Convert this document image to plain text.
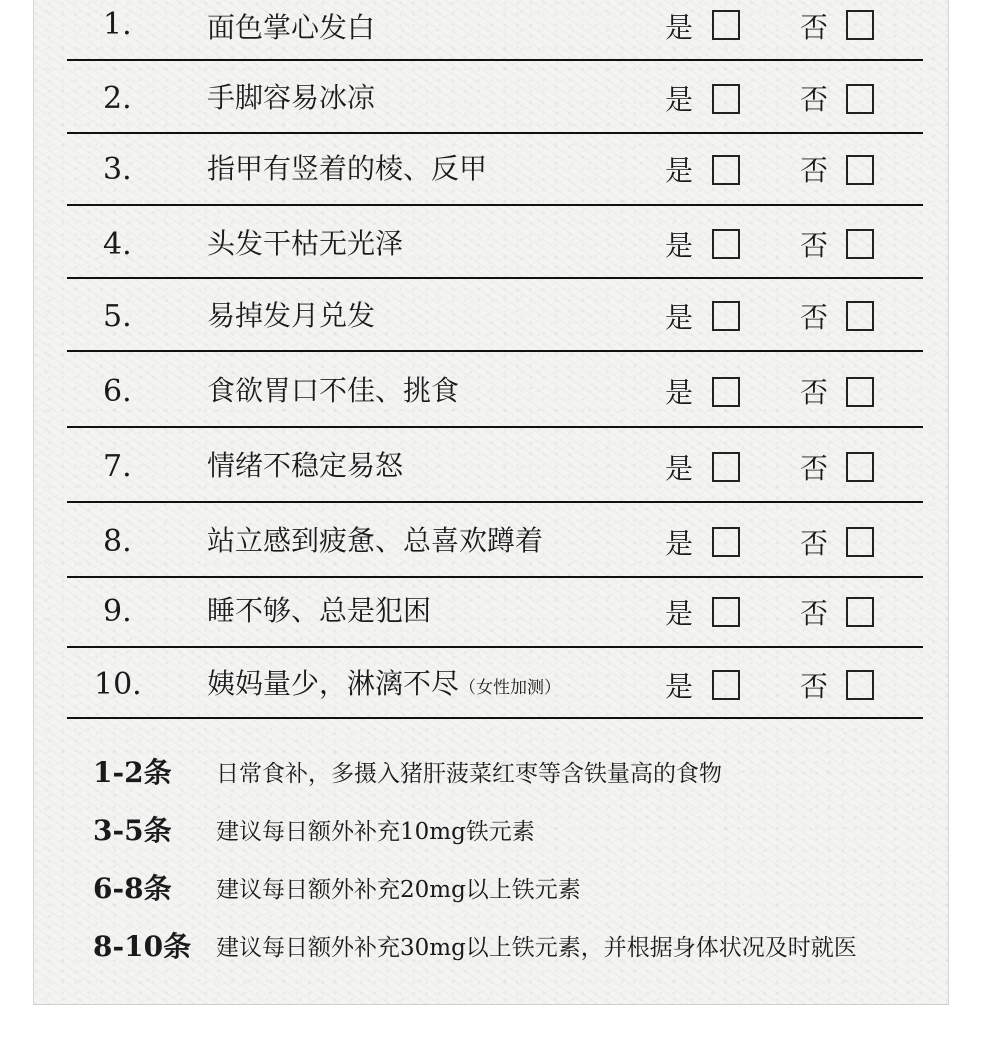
1.	面色掌心发白	是	否
2.	手脚容易冰凉	是	否
3.	指甲有竖着的棱、反甲	是	否
4.	头发干枯无光泽	是	否
5.	易掉发月兑发	是	否
6.	食欲胃口不佳、挑食	是	否
7.	情绪不稳定易怒	是	否
8.	站立感到疲惫、总喜欢蹲着	是	否
9.	睡不够、总是犯困	是	否
10. 姨妈量少，淋漓不尽（女性加测）	是	否
1-2条 日常食补，多摄入猪肝菠菜红枣等含铁量高的食物
3-5条 建议每日额外补充10mg铁元素
6-8条 建议每日额外补充20mg以上铁元素
8-10条 建议每日额外补充30mg以上铁元素，并根据身体状况及时就医
